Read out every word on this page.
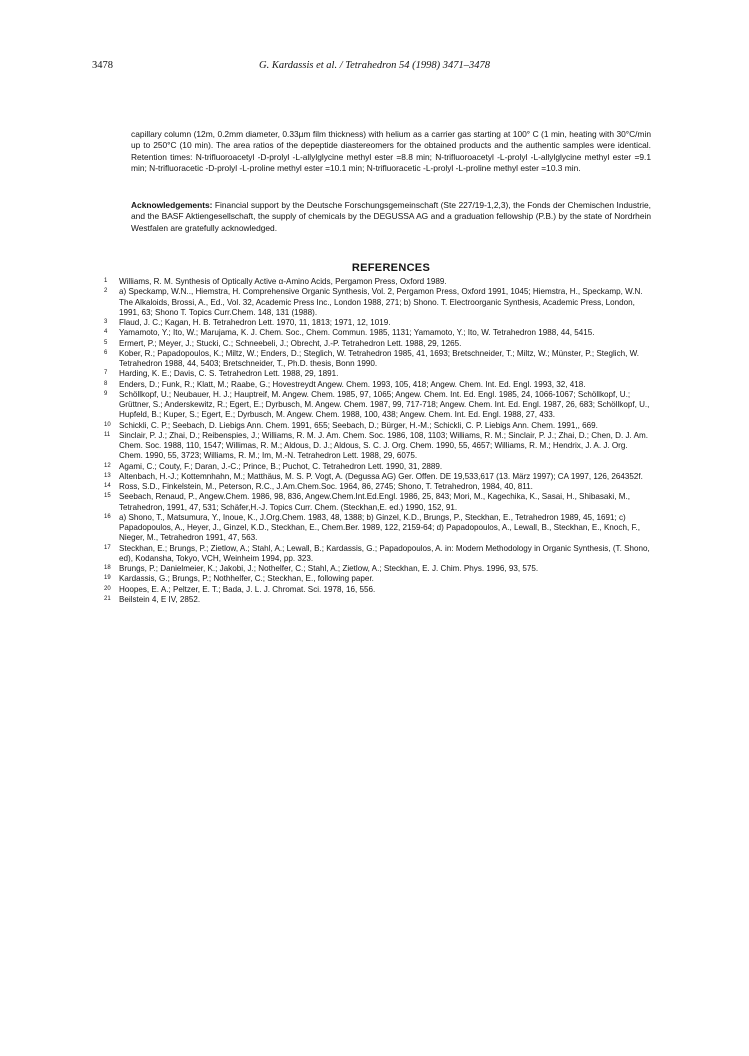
3478	G. Kardassis et al. / Tetrahedron 54 (1998) 3471–3478

capillary column (12m, 0.2mm diameter, 0.33µm film thickness) with helium as a carrier gas starting at 100° C (1 min, heating with 30°C/min up to 250°C (10 min). The area ratios of the depeptide diastereomers for the obtained products and the authentic samples were identical. Retention times: N-trifluoroacetyl -D-prolyl -L-allylglycine methyl ester =8.8 min; N-trifluoroacetyl -L-prolyl -L-allylglycine methyl ester =9.1 min; N-trifluoracetic -D-prolyl -L-proline methyl ester =10.1 min; N-trifluoracetic -L-prolyl -L-proline methyl ester =10.3 min.

Acknowledgements: Financial support by the Deutsche Forschungsgemeinschaft (Ste 227/19-1,2,3), the Fonds der Chemischen Industrie, and the BASF Aktiengesellschaft, the supply of chemicals by the DEGUSSA AG and a graduation fellowship (P.B.) by the state of Nordrhein Westfalen are gratefully acknowledged.

REFERENCES
1 Williams, R. M. Synthesis of Optically Active α-Amino Acids, Pergamon Press, Oxford 1989.
2 a) Speckamp, W.N.., Hiemstra, H. Comprehensive Organic Synthesis, Vol. 2, Pergamon Press, Oxford 1991, 1045; Hiemstra, H., Speckamp, W.N. The Alkaloids, Brossi, A., Ed., Vol. 32, Academic Press Inc., London 1988, 271; b) Shono. T. Electroorganic Synthesis, Academic Press, London, 1991, 63; Shono T. Topics Curr.Chem. 148, 131 (1988).
3 Flaud, J. C.; Kagan, H. B. Tetrahedron Lett. 1970, 11, 1813; 1971, 12, 1019.
4 Yamamoto, Y.; Ito, W.; Marujama, K. J. Chem. Soc., Chem. Commun. 1985, 1131; Yamamoto, Y.; Ito, W. Tetrahedron 1988, 44, 5415.
5 Ermert, P.; Meyer, J.; Stucki, C.; Schneebeli, J.; Obrecht, J.-P. Tetrahedron Lett. 1988, 29, 1265.
6 Kober, R.; Papadopoulos, K.; Miltz, W.; Enders, D.; Steglich, W. Tetrahedron 1985, 41, 1693; Bretschneider, T.; Miltz, W.; Münster, P.; Steglich, W. Tetrahedron 1988, 44, 5403; Bretschneider, T., Ph.D. thesis, Bonn 1990.
7 Harding, K. E.; Davis, C. S. Tetrahedron Lett. 1988, 29, 1891.
8 Enders, D.; Funk, R.; Klatt, M.; Raabe, G.; Hovestreydt Angew. Chem. 1993, 105, 418; Angew. Chem. Int. Ed. Engl. 1993, 32, 418.
9 Schöllkopf, U.; Neubauer, H. J.; Hauptreif, M. Angew. Chem. 1985, 97, 1065; Angew. Chem. Int. Ed. Engl. 1985, 24, 1066-1067; Schöllkopf, U.; Grüttner, S.; Anderskewitz, R.; Egert, E.; Dyrbusch, M. Angew. Chem. 1987, 99, 717-718; Angew. Chem. Int. Ed. Engl. 1987, 26, 683; Schöllkopf, U., Hupfeld, B.; Kuper, S.; Egert, E.; Dyrbusch, M. Angew. Chem. 1988, 100, 438; Angew. Chem. Int. Ed. Engl. 1988, 27, 433.
10 Schickli, C. P.; Seebach, D. Liebigs Ann. Chem. 1991, 655; Seebach, D.; Bürger, H.-M.; Schickli, C. P. Liebigs Ann. Chem. 1991,, 669.
11 Sinclair, P. J.; Zhai, D.; Reibenspies, J.; Williams, R. M. J. Am. Chem. Soc. 1986, 108, 1103; Williams, R. M.; Sinclair, P. J.; Zhai, D.; Chen, D. J. Am. Chem. Soc. 1988, 110, 1547; Willimas, R. M.; Aldous, D. J.; Aldous, S. C. J. Org. Chem. 1990, 55, 4657; Williams, R. M.; Hendrix, J. A. J. Org. Chem. 1990, 55, 3723; Williams, R. M.; Im, M.-N. Tetrahedron Lett. 1988, 29, 6075.
12 Agami, C.; Couty, F.; Daran, J.-C.; Prince, B.; Puchot, C. Tetrahedron Lett. 1990, 31, 2889.
13 Altenbach, H.-J.; Kottemnhahn, M.; Matthäus, M. S. P. Vogt, A. (Degussa AG) Ger. Offen. DE 19,533,617 (13. März 1997); CA 1997, 126, 264352f.
14 Ross, S.D., Finkelstein, M., Peterson, R.C., J.Am.Chem.Soc. 1964, 86, 2745; Shono, T. Tetrahedron, 1984, 40, 811.
15 Seebach, Renaud, P., Angew.Chem. 1986, 98, 836, Angew.Chem.Int.Ed.Engl. 1986, 25, 843; Mori, M., Kagechika, K., Sasai, H., Shibasaki, M., Tetrahedron, 1991, 47, 531; Schäfer,H.-J. Topics Curr. Chem. (Steckhan,E. ed.) 1990, 152, 91.
16 a) Shono, T., Matsumura, Y., Inoue, K., J.Org.Chem. 1983, 48, 1388; b) Ginzel, K.D., Brungs, P., Steckhan, E., Tetrahedron 1989, 45, 1691; c) Papadopoulos, A., Heyer, J., Ginzel, K.D., Steckhan, E., Chem.Ber. 1989, 122, 2159-64; d) Papadopoulos, A., Lewall, B., Steckhan, E., Knoch, F., Nieger, M., Tetrahedron 1991, 47, 563.
17 Steckhan, E.; Brungs, P.; Zietlow, A.; Stahl, A.; Lewall, B.; Kardassis, G.; Papadopoulos, A. in: Modern Methodology in Organic Synthesis, (T. Shono, ed), Kodansha, Tokyo, VCH, Weinheim 1994, pp. 323.
18 Brungs, P.; Danielmeier, K.; Jakobi, J.; Nothelfer, C.; Stahl, A.; Zietlow, A.; Steckhan, E. J. Chim. Phys. 1996, 93, 575.
19 Kardassis, G.; Brungs, P.; Nothhelfer, C.; Steckhan, E., following paper.
20 Hoopes, E. A.; Peltzer, E. T.; Bada, J. L. J. Chromat. Sci. 1978, 16, 556.
21 Beilstein 4, E IV, 2852.
